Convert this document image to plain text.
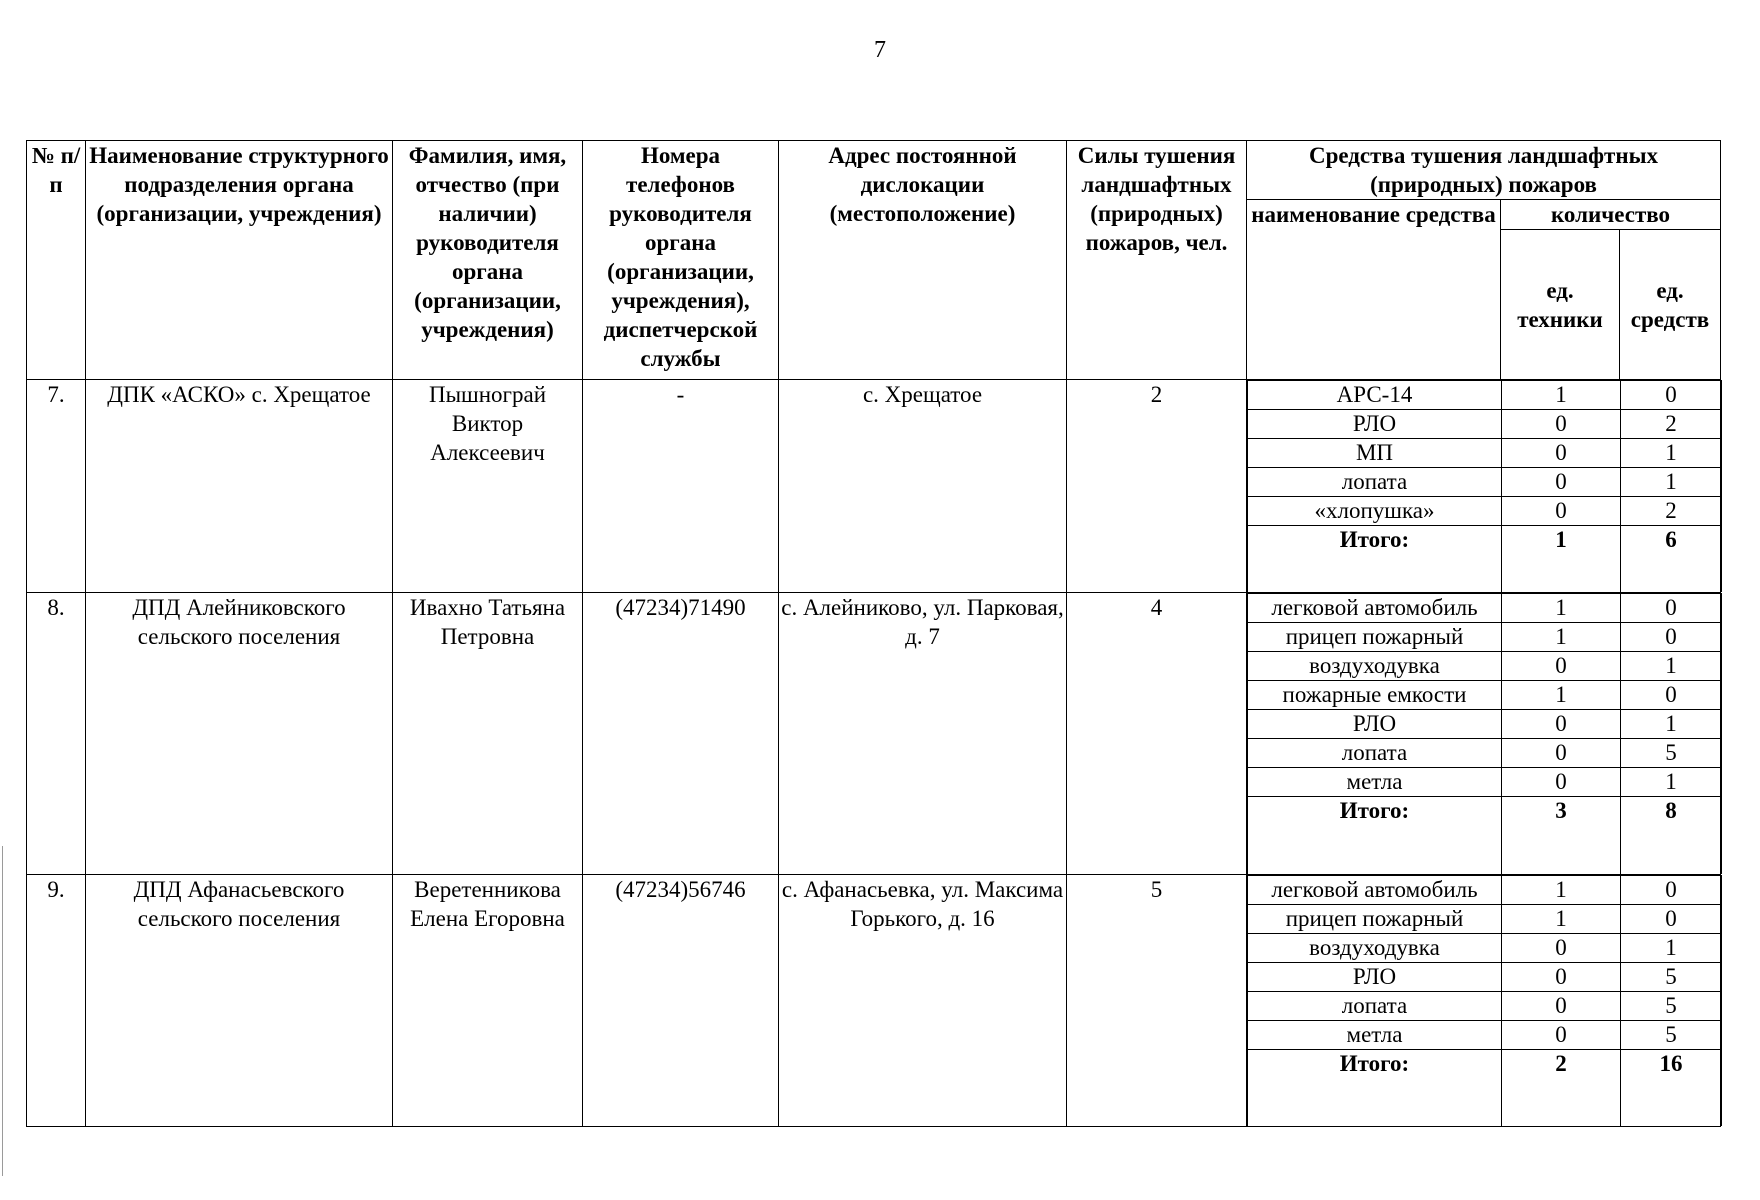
7
№ п/п	Наименование структурного подразделения органа (организации, учреждения)	Фамилия, имя, отчество (при наличии) руководителя органа (организации, учреждения)	Номера телефонов руководителя органа (организации, учреждения), диспетчерской службы	Адрес постоянной дислокации (местоположение)	Силы тушения ландшафтных (природных) пожаров, чел.	Средства тушения ландшафтных (природных) пожаров
наименование средства	количество
ед. техники	ед. средств
7.	ДПК «АСКО» с. Хрещатое	Пышнограй Виктор Алексеевич	-	с. Хрещатое	2		АРС-14	1	0
РЛО	0	2
МП	0	1
лопата	0	1
«хлопушка»	0	2
Итого:	1	6

8.	ДПД Алейниковского сельского поселения	Ивахно Татьяна Петровна	(47234)71490	с. Алейниково, ул. Парковая, д. 7	4		легковой автомобиль	1	0
прицеп пожарный	1	0
воздуходувка	0	1
пожарные емкости	1	0
РЛО	0	1
лопата	0	5
метла	0	1
Итого:	3	8

9.	ДПД Афанасьевского сельского поселения	Веретенникова Елена Егоровна	(47234)56746	с. Афанасьевка, ул. Максима Горького, д. 16	5		легковой автомобиль	1	0
прицеп пожарный	1	0
воздуходувка	0	1
РЛО	0	5
лопата	0	5
метла	0	5
Итого:	2	16
